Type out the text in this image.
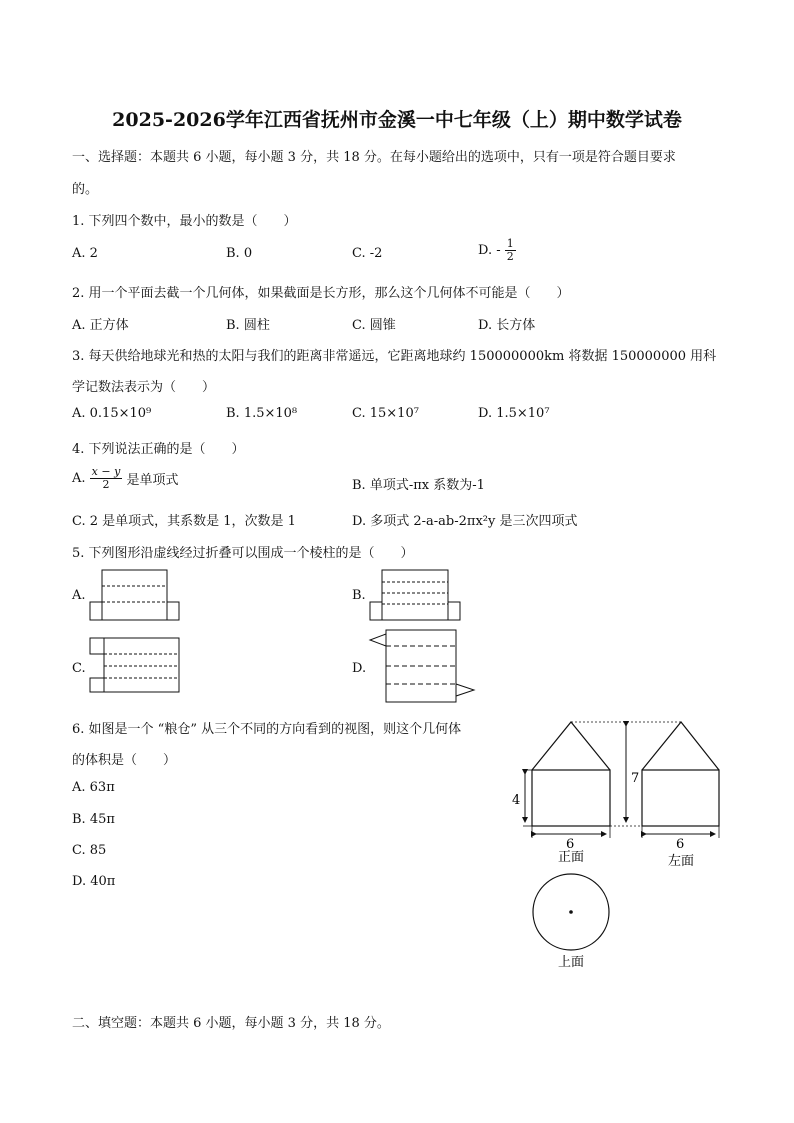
2025-2026学年江西省抚州市金溪一中七年级（上）期中数学试卷
一、选择题：本题共 6 小题，每小题 3 分，共 18 分。在每小题给出的选项中，只有一项是符合题目要求
的。
1. 下列四个数中，最小的数是（　　）
A. 2	B. 0	C. -2	D. - $\frac{1}{2}$
2. 用一个平面去截一个几何体，如果截面是长方形，那么这个几何体不可能是（　　）
A. 正方体	B. 圆柱	C. 圆锥	D. 长方体
3. 每天供给地球光和热的太阳与我们的距离非常遥远，它距离地球约 150000000km 将数据 150000000 用科
学记数法表示为（　　）
A. 0.15×10⁹	B. 1.5×10⁸	C. 15×10⁷	D. 1.5×10⁷
4. 下列说法正确的是（　　）
A. $\frac{x - y}{2}$ 是单项式	B. 单项式-πx 系数为-1
C. 2 是单项式，其系数是 1，次数是 1	D. 多项式 2-a-ab-2πx²y 是三次四项式
5. 下列图形沿虚线经过折叠可以围成一个棱柱的是（　　）
A.	B.
C.	D.
6. 如图是一个 “粮仓” 从三个不同的方向看到的视图，则这个几何体
的体积是（　　）
A. 63π
B. 45π
C. 85
D. 40π
4
7
6
正面
6
左面
上面
二、填空题：本题共 6 小题，每小题 3 分，共 18 分。
